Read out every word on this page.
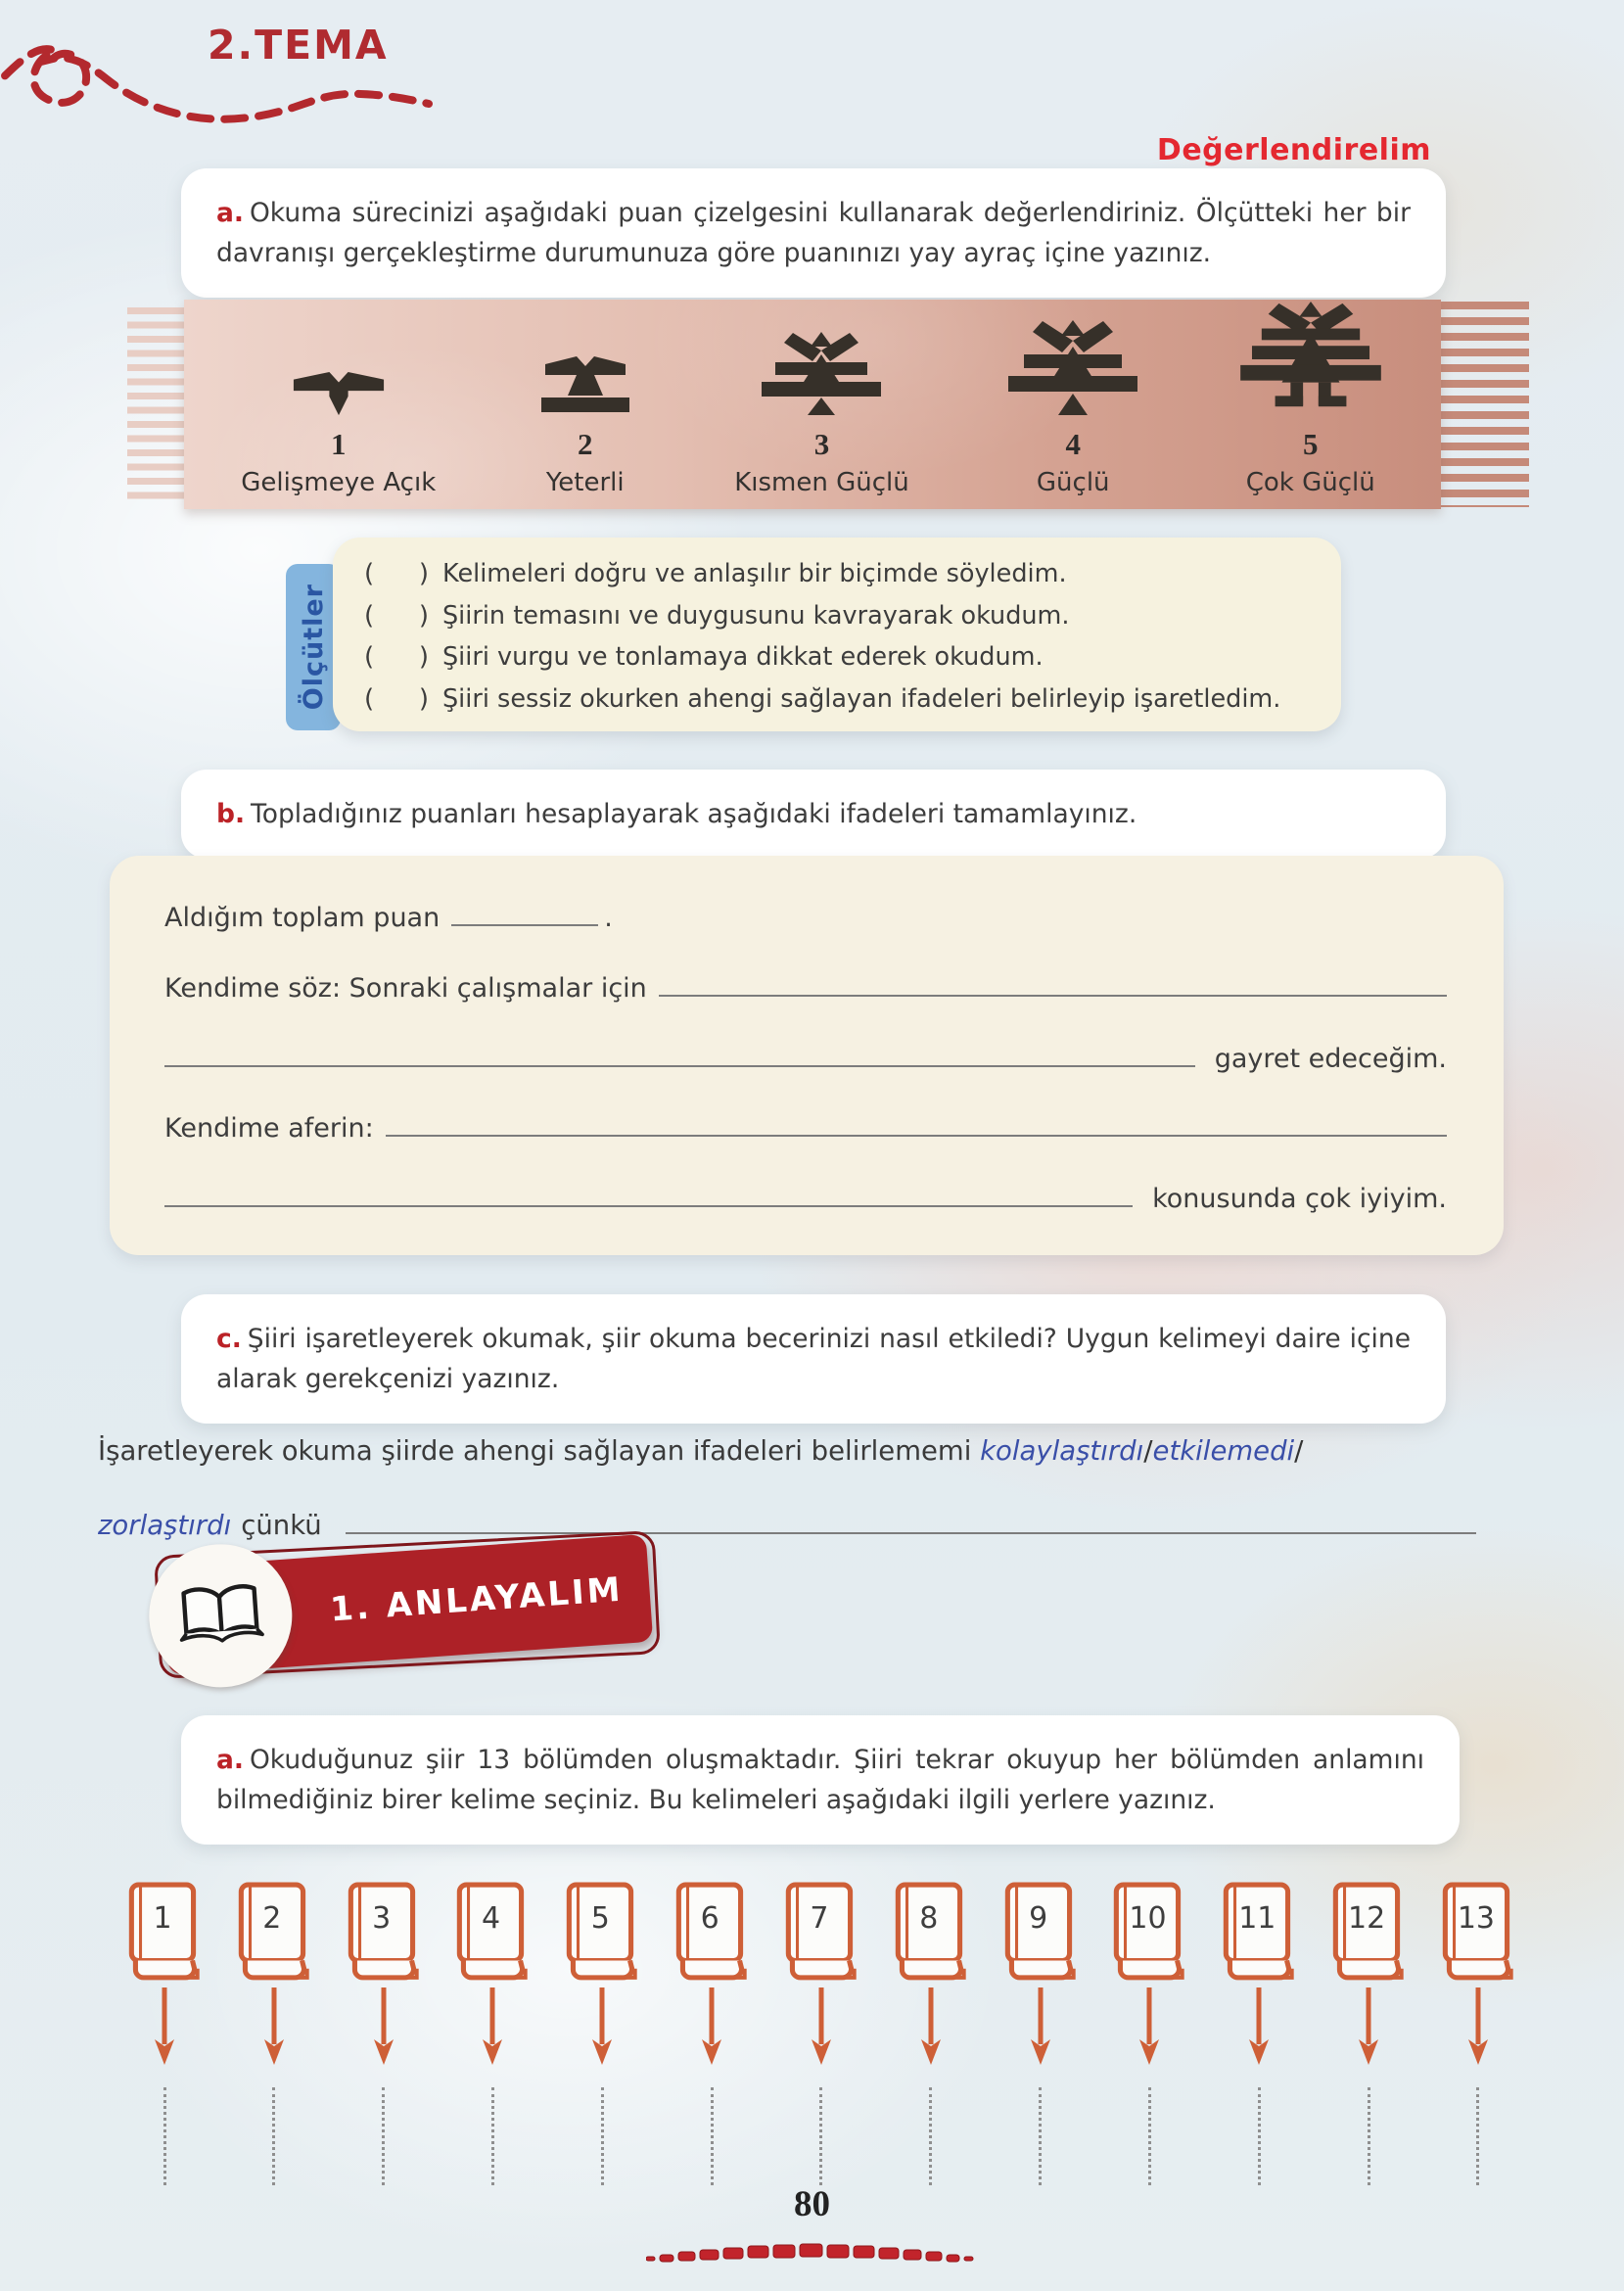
2.TEMA
Değerlendirelim

a. Okuma sürecinizi aşağıdaki puan çizelgesini kullanarak değerlendiriniz. Ölçütteki her bir davranışı gerçekleştirme durumunuza göre puanınızı yay ayraç içine yazınız.

1
Gelişmeye Açık
2
Yeterli
3
Kısmen Güçlü
4
Güçlü
5
Çok Güçlü
Ölçütler
( ) Kelimeleri doğru ve anlaşılır bir biçimde söyledim.
( ) Şiirin temasını ve duygusunu kavrayarak okudum.
( ) Şiiri vurgu ve tonlamaya dikkat ederek okudum.
( ) Şiiri sessiz okurken ahengi sağlayan ifadeleri belirleyip işaretledim.

b. Topladığınız puanları hesaplayarak aşağıdaki ifadeleri tamamlayınız.

Aldığım toplam puan	.
Kendime söz: Sonraki çalışmalar için
gayret edeceğim.
Kendime aferin:
konusunda çok iyiyim.

c. Şiiri işaretleyerek okumak, şiir okuma becerinizi nasıl etkiledi? Uygun kelimeyi daire içine alarak gerekçenizi yazınız.

İşaretleyerek okuma şiirde ahengi sağlayan ifadeleri belirlememi kolaylaştırdı/etkilemedi/
zorlaştırdı çünkü
1. ANLAYALIM

a. Okuduğunuz şiir 13 bölümden oluşmaktadır. Şiiri tekrar okuyup her bölümden anlamını bilmediğiniz birer kelime seçiniz. Bu kelimeleri aşağıdaki ilgili yerlere yazınız.

1	2	3	4	5	6	7	8	9	10	11	12	13
80
